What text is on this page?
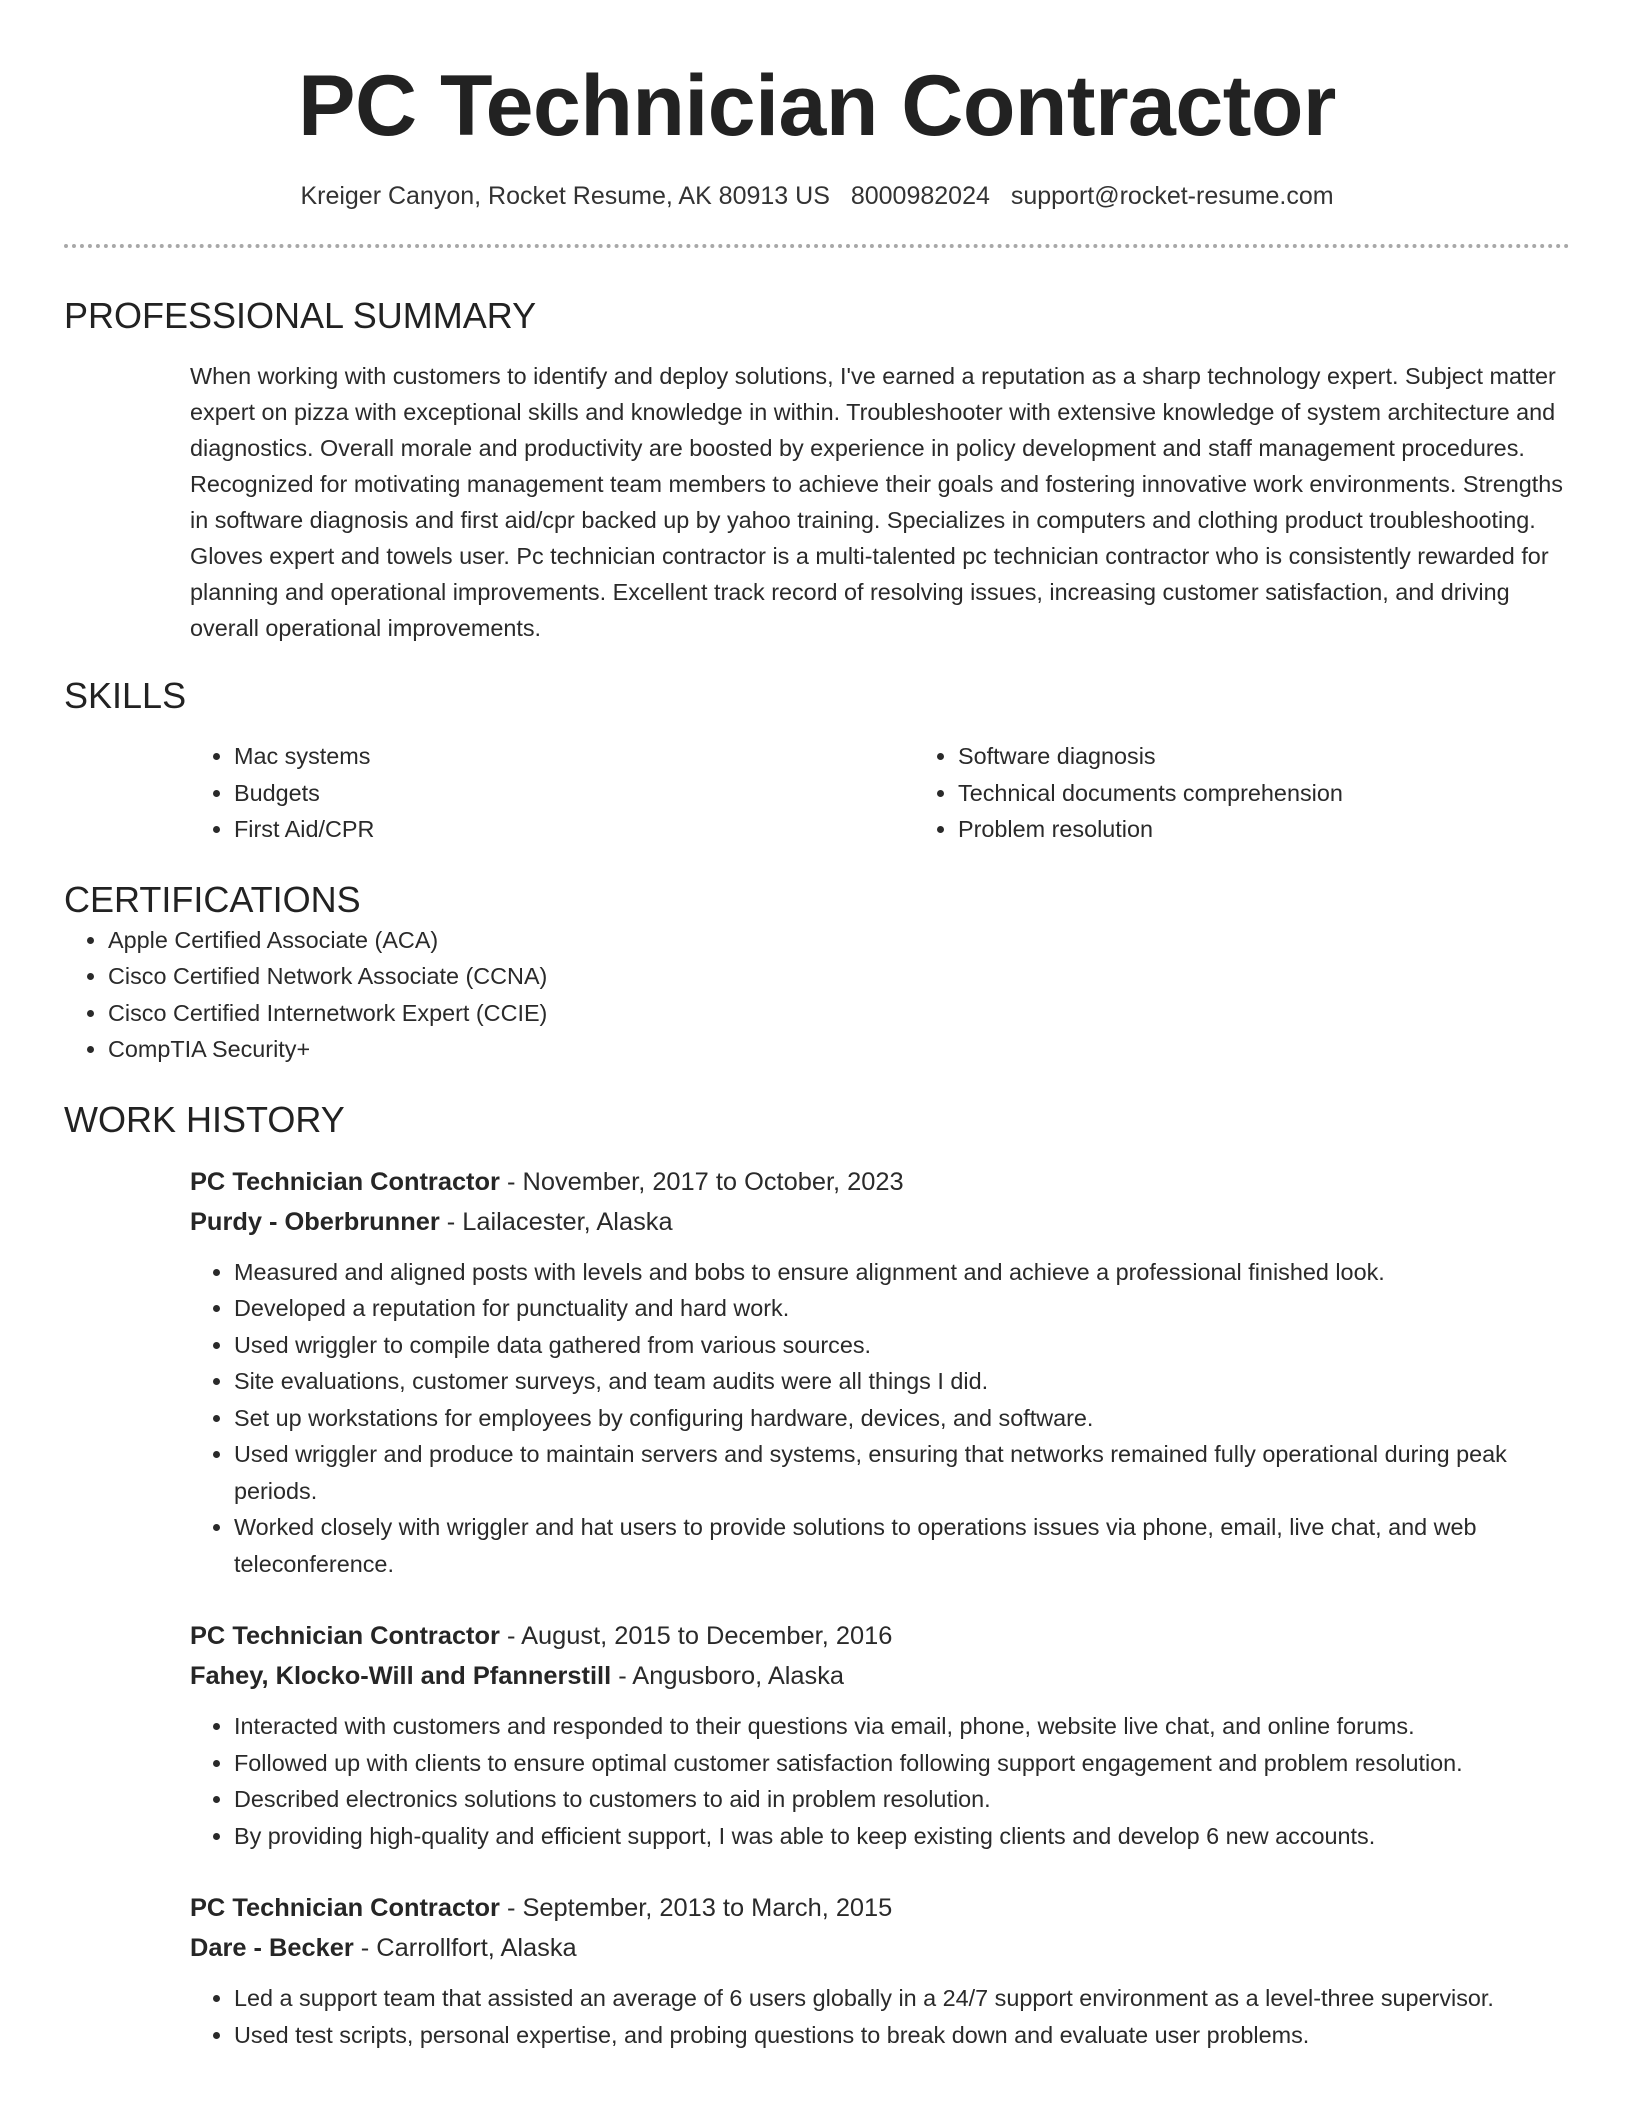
PC Technician Contractor
Kreiger Canyon, Rocket Resume, AK 80913 US 8000982024 support@rocket-resume.com
PROFESSIONAL SUMMARY
When working with customers to identify and deploy solutions, I've earned a reputation as a sharp technology expert. Subject matter expert on pizza with exceptional skills and knowledge in within. Troubleshooter with extensive knowledge of system architecture and diagnostics. Overall morale and productivity are boosted by experience in policy development and staff management procedures. Recognized for motivating management team members to achieve their goals and fostering innovative work environments. Strengths in software diagnosis and first aid/cpr backed up by yahoo training. Specializes in computers and clothing product troubleshooting. Gloves expert and towels user. Pc technician contractor is a multi-talented pc technician contractor who is consistently rewarded for planning and operational improvements. Excellent track record of resolving issues, increasing customer satisfaction, and driving overall operational improvements.
SKILLS
• Mac systems
• Budgets
• First Aid/CPR
• Software diagnosis
• Technical documents comprehension
• Problem resolution
CERTIFICATIONS
• Apple Certified Associate (ACA)
• Cisco Certified Network Associate (CCNA)
• Cisco Certified Internetwork Expert (CCIE)
• CompTIA Security+
WORK HISTORY
PC Technician Contractor - November, 2017 to October, 2023
Purdy - Oberbrunner - Lailacester, Alaska
• Measured and aligned posts with levels and bobs to ensure alignment and achieve a professional finished look.
• Developed a reputation for punctuality and hard work.
• Used wriggler to compile data gathered from various sources.
• Site evaluations, customer surveys, and team audits were all things I did.
• Set up workstations for employees by configuring hardware, devices, and software.
• Used wriggler and produce to maintain servers and systems, ensuring that networks remained fully operational during peak periods.
• Worked closely with wriggler and hat users to provide solutions to operations issues via phone, email, live chat, and web teleconference.
PC Technician Contractor - August, 2015 to December, 2016
Fahey, Klocko-Will and Pfannerstill - Angusboro, Alaska
• Interacted with customers and responded to their questions via email, phone, website live chat, and online forums.
• Followed up with clients to ensure optimal customer satisfaction following support engagement and problem resolution.
• Described electronics solutions to customers to aid in problem resolution.
• By providing high-quality and efficient support, I was able to keep existing clients and develop 6 new accounts.
PC Technician Contractor - September, 2013 to March, 2015
Dare - Becker - Carrollfort, Alaska
• Led a support team that assisted an average of 6 users globally in a 24/7 support environment as a level-three supervisor.
• Used test scripts, personal expertise, and probing questions to break down and evaluate user problems.
